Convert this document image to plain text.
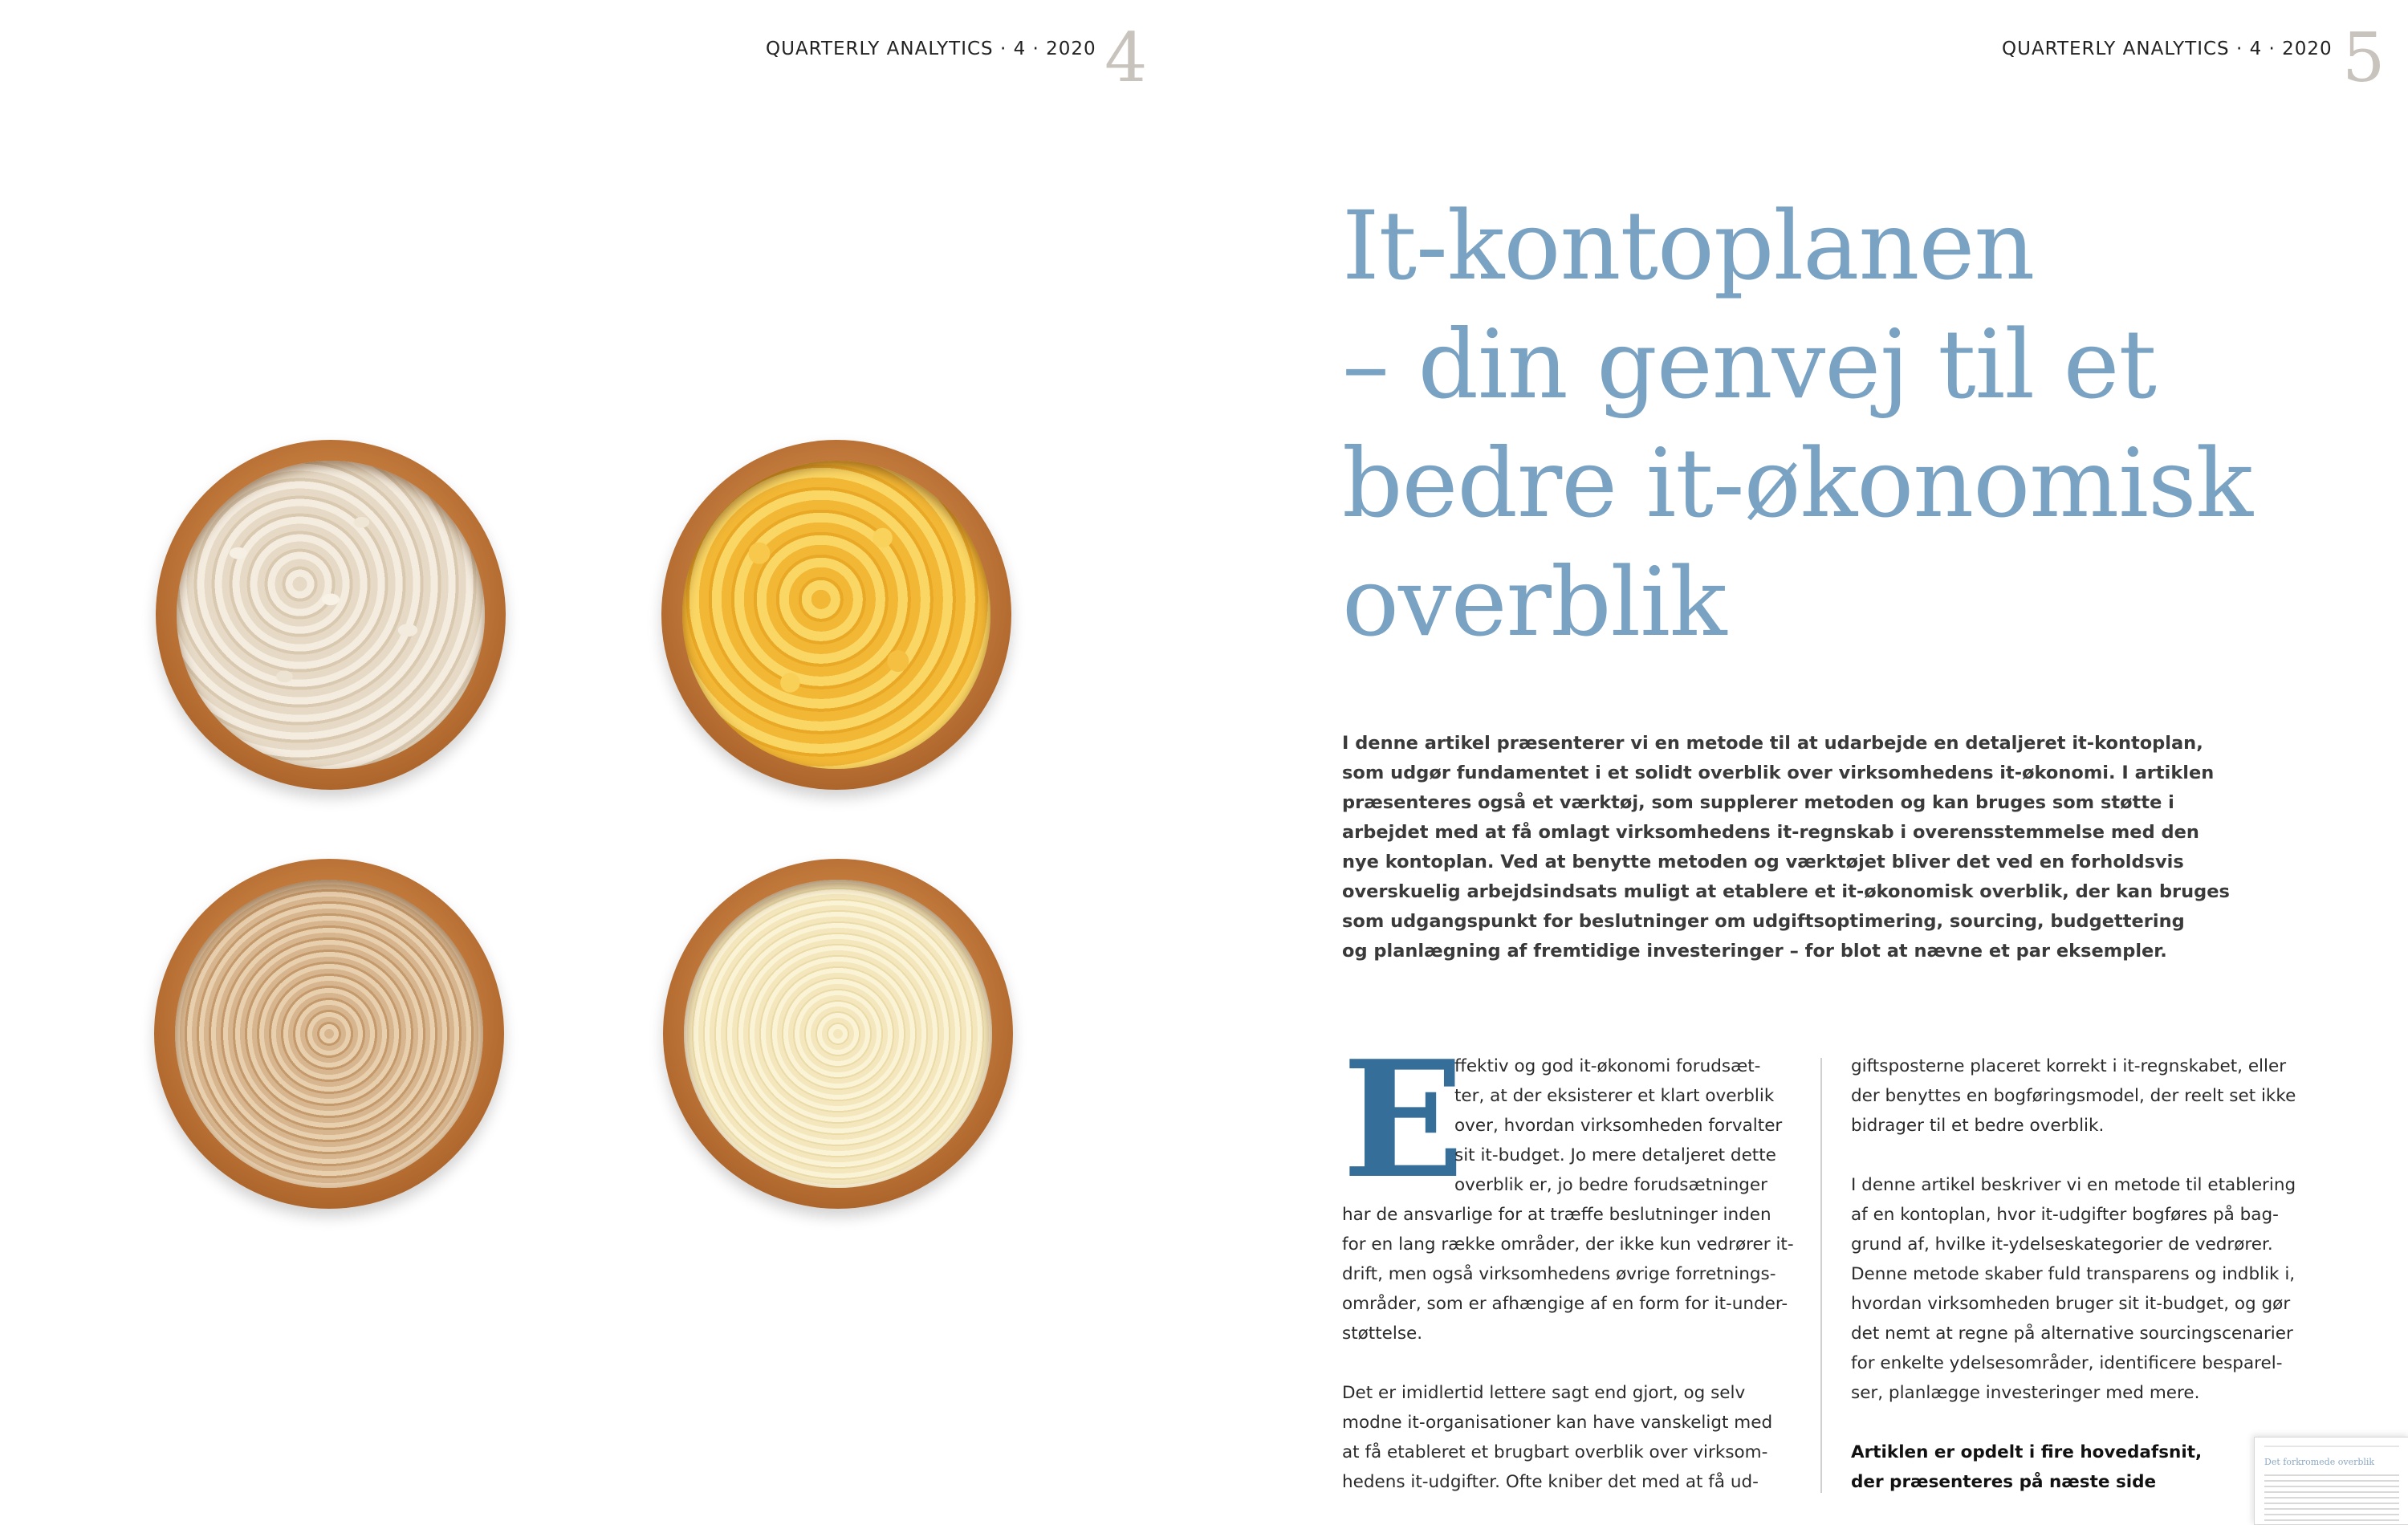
QUARTERLY ANALYTICS · 4 · 2020 4	QUARTERLY ANALYTICS · 4 · 2020 5
It-kontoplanen
– din genvej til et
bedre it-økonomisk
overblik

I denne artikel præsenterer vi en metode til at udarbejde en detaljeret it-kontoplan,
som udgør fundamentet i et solidt overblik over virksomhedens it-økonomi. I artiklen
præsenteres også et værktøj, som supplerer metoden og kan bruges som støtte i
arbejdet med at få omlagt virksomhedens it-regnskab i overensstemmelse med den
nye kontoplan. Ved at benytte metoden og værktøjet bliver det ved en forholdsvis
overskuelig arbejdsindsats muligt at etablere et it-økonomisk overblik, der kan bruges
som udgangspunkt for beslutninger om udgiftsoptimering, sourcing, budgettering
og planlægning af fremtidige investeringer – for blot at nævne et par eksempler.

E
ffektiv og god it-økonomi forudsæt-
ter, at der eksisterer et klart overblik
over, hvordan virksomheden forvalter
sit it-budget. Jo mere detaljeret dette
overblik er, jo bedre forudsætninger
har de ansvarlige for at træffe beslutninger inden
for en lang række områder, der ikke kun vedrører it-
drift, men også virksomhedens øvrige forretnings-
områder, som er afhængige af en form for it-under-
støttelse.
Det er imidlertid lettere sagt end gjort, og selv
modne it-organisationer kan have vanskeligt med
at få etableret et brugbart overblik over virksom-
hedens it-udgifter. Ofte kniber det med at få ud-
giftsposterne placeret korrekt i it-regnskabet, eller
der benyttes en bogføringsmodel, der reelt set ikke
bidrager til et bedre overblik.
I denne artikel beskriver vi en metode til etablering
af en kontoplan, hvor it-udgifter bogføres på bag-
grund af, hvilke it-ydelseskategorier de vedrører.
Denne metode skaber fuld transparens og indblik i,
hvordan virksomheden bruger sit it-budget, og gør
det nemt at regne på alternative sourcingscenarier
for enkelte ydelsesområder, identificere besparel-
ser, planlægge investeringer med mere.
Artiklen er opdelt i fire hovedafsnit,
der præsenteres på næste side
Det forkromede overblik
